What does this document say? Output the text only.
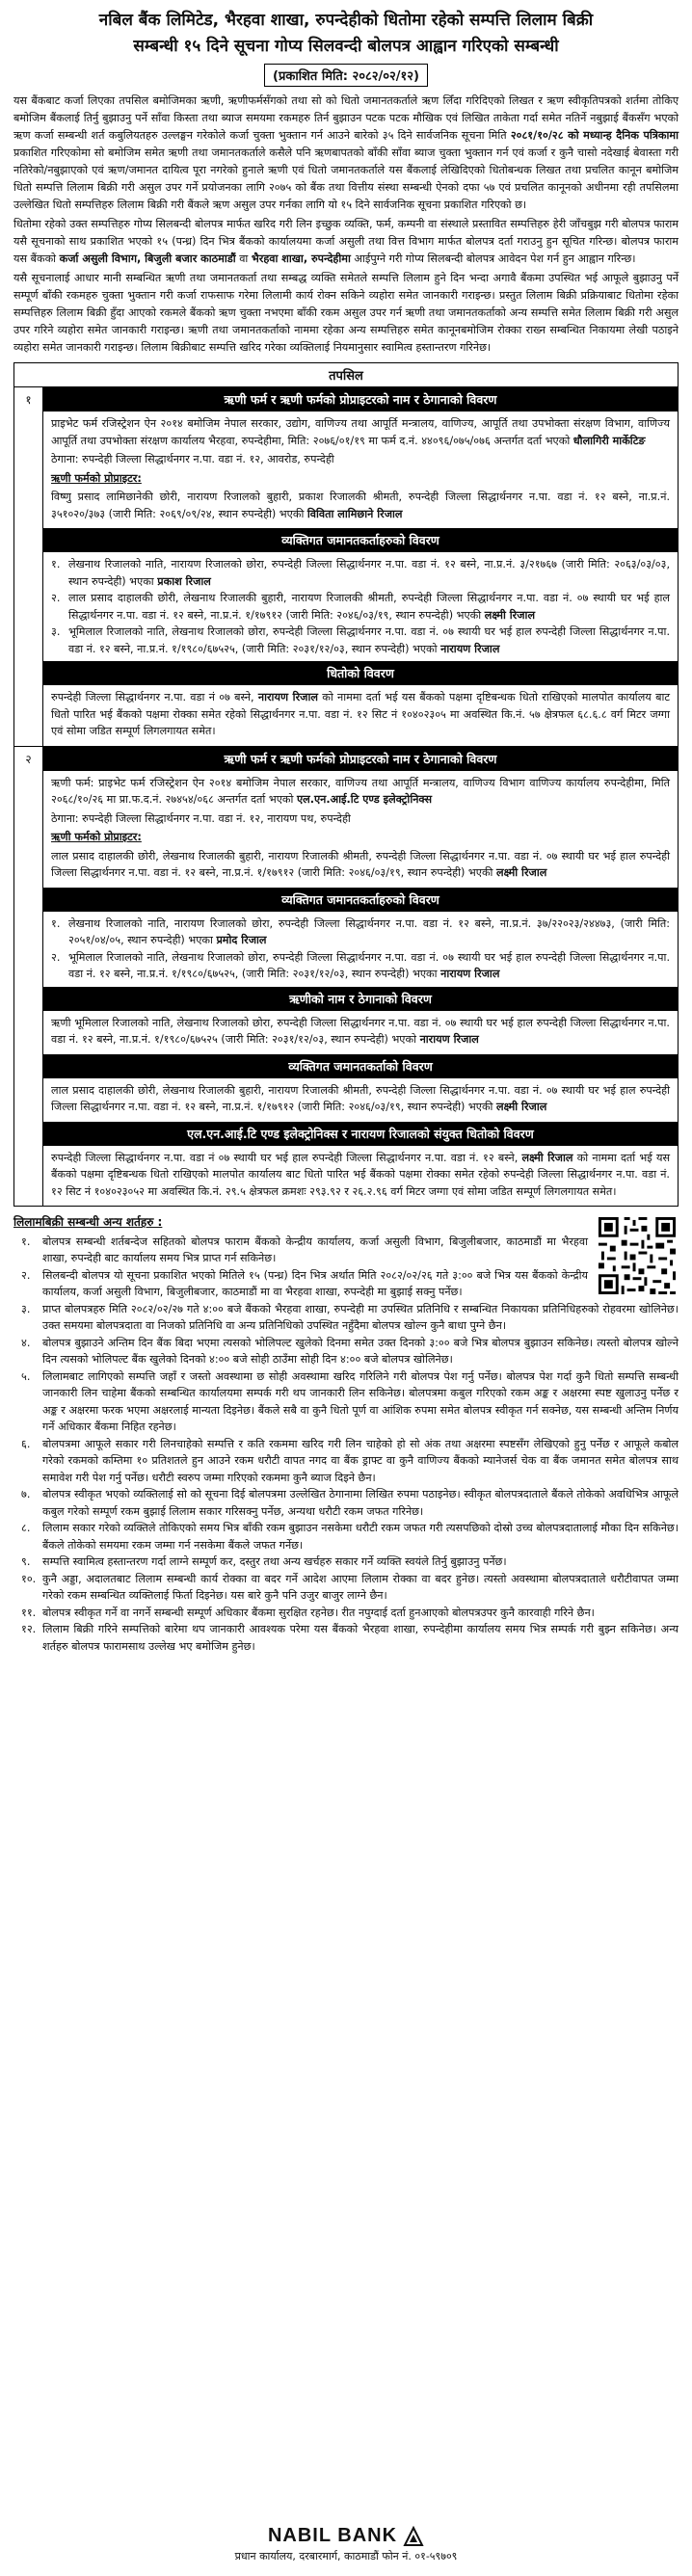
नबिल बैंक लिमिटेड, भैरहवा शाखा, रुपन्देहीको धितोमा रहेको सम्पत्ति लिलाम बिक्री
सम्बन्धी १५ दिने सूचना गोप्य सिलवन्दी बोलपत्र आह्वान गरिएको सम्बन्धी
(प्रकाशित मिति: २०८२/०२/१२)

यस बैंकबाट कर्जा लिएका तपसिल बमोजिमका ऋणी, ऋणीफर्मसँगको तथा सो को धितो जमानतकर्ताले ऋण लिँदा गरिदिएको लिखत र ऋण स्वीकृतिपत्रको शर्तमा तोकिए बमोजिम बैंकलाई तिर्नु बुझाउनु पर्ने साँवा किस्ता तथा ब्याज समयमा रकमहरु तिर्न बुझाउन पटक पटक मौखिक एवं लिखित ताकेता गर्दा समेत नतिर्ने नबुझाई बैंकसँग भएको ऋण कर्जा सम्बन्धी शर्त कबुलियतहरु उल्लङ्घन गरेकोले कर्जा चुक्ता भुक्तान गर्न आउने बारेको ३५ दिने सार्वजनिक सूचना मिति २०८१/१०/२८ को मध्यान्ह दैनिक पत्रिकामा प्रकाशित गरिएकोमा सो बमोजिम समेत ऋणी तथा जमानतकर्ताले कसैले पनि ऋणबापतको बाँकी साँवा ब्याज चुक्ता भुक्तान गर्न एवं कर्जा र कुनै चासो नदेखाई बेवास्ता गरी नतिरेको/नबुझाएको एवं ऋण/जमानत दायित्व पूरा नगरेको हुनाले ऋणी एवं धितो जमानतकर्ताले यस बैंकलाई लेखिदिएको धितोबन्धक लिखत तथा प्रचलित कानून बमोजिम धितो सम्पत्ति लिलाम बिक्री गरी असुल उपर गर्ने प्रयोजनका लागि २०७५ को बैंक तथा वित्तीय संस्था सम्बन्धी ऐनको दफा ५७ एवं प्रचलित कानूनको अधीनमा रही तपसिलमा उल्लेखित धितो सम्पत्तिहरु लिलाम बिक्री गरी बैंकले ऋण असुल उपर गर्नका लागि यो १५ दिने सार्वजनिक सूचना प्रकाशित गरिएको छ।

धितोमा रहेको उक्त सम्पत्तिहरु गोप्य सिलबन्दी बोलपत्र मार्फत खरिद गरी लिन इच्छुक व्यक्ति, फर्म, कम्पनी वा संस्थाले प्रस्तावित सम्पत्तिहरु हेरी जाँचबुझ गरी बोलपत्र फाराम यसै सूचनाको साथ प्रकाशित भएको १५ (पन्ध्र) दिन भित्र बैंकको कार्यालयमा कर्जा असुली तथा वित्त विभाग मार्फत बोलपत्र दर्ता गराउनु हुन सूचित गरिन्छ। बोलपत्र फाराम यस बैंकको कर्जा असुली विभाग, बिजुली बजार काठमाडौं वा भैरहवा शाखा, रुपन्देहीमा आईपुग्ने गरी गोप्य सिलबन्दी बोलपत्र आवेदन पेश गर्न हुन आह्वान गरिन्छ।

यसै सूचनालाई आधार मानी सम्बन्धित ऋणी तथा जमानतकर्ता तथा सम्बद्ध व्यक्ति समेतले सम्पत्ति लिलाम हुने दिन भन्दा अगावै बैंकमा उपस्थित भई आफूले बुझाउनु पर्ने सम्पूर्ण बाँकी रकमहरु चुक्ता भुक्तान गरी कर्जा राफसाफ गरेमा लिलामी कार्य रोक्न सकिने व्यहोरा समेत जानकारी गराइन्छ। प्रस्तुत लिलाम बिक्री प्रक्रियाबाट धितोमा रहेका सम्पत्तिहरु लिलाम बिक्री हुँदा आएको रकमले बैंकको ऋण चुक्ता नभएमा बाँकी रकम असुल उपर गर्न ऋणी तथा जमानतकर्ताको अन्य सम्पत्ति समेत लिलाम बिक्री गरी असुल उपर गरिने व्यहोरा समेत जानकारी गराइन्छ। ऋणी तथा जमानतकर्ताको नाममा रहेका अन्य सम्पत्तिहरु समेत कानूनबमोजिम रोक्का राख्न सम्बन्धित निकायमा लेखी पठाइने व्यहोरा समेत जानकारी गराइन्छ। लिलाम बिक्रीबाट सम्पत्ति खरिद गरेका व्यक्तिलाई नियमानुसार स्वामित्व हस्तान्तरण गरिनेछ।

तपसिल
१	ऋणी फर्म र ऋणी फर्मको प्रोप्राइटरको नाम र ठेगानाको विवरण

प्राइभेट फर्म रजिस्ट्रेशन ऐन २०१४ बमोजिम नेपाल सरकार, उद्योग, वाणिज्य तथा आपूर्ति मन्त्रालय, वाणिज्य, आपूर्ति तथा उपभोक्ता संरक्षण विभाग, वाणिज्य आपूर्ति तथा उपभोक्ता संरक्षण कार्यालय भैरहवा, रुपन्देहीमा, मिति: २०७६/०१/१९ मा फर्म द.नं. ४४०९६/०७५/०७६ अन्तर्गत दर्ता भएको धौलागिरी मार्केटिङ

ठेगाना: रुपन्देही जिल्ला सिद्धार्थनगर न.पा. वडा नं. १२, आवरोड, रुपन्देही

ऋणी फर्मको प्रोप्राइटर:

विष्णु प्रसाद लामिछानेकी छोरी, नारायण रिजालको बुहारी, प्रकाश रिजालकी श्रीमती, रुपन्देही जिल्ला सिद्धार्थनगर न.पा. वडा नं. १२ बस्ने, ना.प्र.नं. ३५१०२०/३७३ (जारी मिति: २०६९/०९/२४, स्थान रुपन्देही) भएकी विविता लामिछाने रिजाल

व्यक्तिगत जमानतकर्ताहरुको विवरण
१. लेखनाथ रिजालको नाति, नारायण रिजालको छोरा, रुपन्देही जिल्ला सिद्धार्थनगर न.पा. वडा नं. १२ बस्ने, ना.प्र.नं. ३/२१७६७ (जारी मिति: २०६३/०३/०३, स्थान रुपन्देही) भएका प्रकाश रिजाल
२. लाल प्रसाद दाहालकी छोरी, लेखनाथ रिजालकी बुहारी, नारायण रिजालकी श्रीमती, रुपन्देही जिल्ला सिद्धार्थनगर न.पा. वडा नं. ०७ स्थायी घर भई हाल सिद्धार्थनगर न.पा. वडा नं. १२ बस्ने, ना.प्र.नं. १/१७९१२ (जारी मिति: २०४६/०३/१९, स्थान रुपन्देही) भएकी लक्ष्मी रिजाल
३. भूमिलाल रिजालको नाति, लेखनाथ रिजालको छोरा, रुपन्देही जिल्ला सिद्धार्थनगर न.पा. वडा नं. ०७ स्थायी घर भई हाल रुपन्देही जिल्ला सिद्धार्थनगर न.पा. वडा नं. १२ बस्ने, ना.प्र.नं. १/१९८०/६७५२५, (जारी मिति: २०३१/१२/०३, स्थान रुपन्देही) भएको नारायण रिजाल
धितोको विवरण

रुपन्देही जिल्ला सिद्धार्थनगर न.पा. वडा नं ०७ बस्ने, नारायण रिजाल को नाममा दर्ता भई यस बैंकको पक्षमा दृष्टिबन्धक धितो राखिएको मालपोत कार्यालय बाट धितो पारित भई बैंकको पक्षमा रोक्का समेत रहेको सिद्धार्थनगर न.पा. वडा नं. १२ सिट नं १०४०२३०५ मा अवस्थित कि.नं. ५७ क्षेत्रफल ६८.६.८ वर्ग मिटर जग्गा एवं सोमा जडित सम्पूर्ण लिगलगायत समेत।

२	ऋणी फर्म र ऋणी फर्मको प्रोप्राइटरको नाम र ठेगानाको विवरण

ऋणी फर्म: प्राइभेट फर्म रजिस्ट्रेशन ऐन २०१४ बमोजिम नेपाल सरकार, वाणिज्य तथा आपूर्ति मन्त्रालय, वाणिज्य विभाग वाणिज्य कार्यालय रुपन्देहीमा, मिति २०६८/१०/२६ मा प्रा.फ.द.नं. २७४५४/०६८ अन्तर्गत दर्ता भएको एल.एन.आई.टि एण्ड इलेक्ट्रोनिक्स

ठेगाना: रुपन्देही जिल्ला सिद्धार्थनगर न.पा. वडा नं. १२, नारायण पथ, रुपन्देही

ऋणी फर्मको प्रोप्राइटर:

लाल प्रसाद दाहालकी छोरी, लेखनाथ रिजालकी बुहारी, नारायण रिजालकी श्रीमती, रुपन्देही जिल्ला सिद्धार्थनगर न.पा. वडा नं. ०७ स्थायी घर भई हाल रुपन्देही जिल्ला सिद्धार्थनगर न.पा. वडा नं. १२ बस्ने, ना.प्र.नं. १/१७९१२ (जारी मिति: २०४६/०३/१९, स्थान रुपन्देही) भएकी लक्ष्मी रिजाल

व्यक्तिगत जमानतकर्ताहरुको विवरण
१. लेखनाथ रिजालको नाति, नारायण रिजालको छोरा, रुपन्देही जिल्ला सिद्धार्थनगर न.पा. वडा नं. १२ बस्ने, ना.प्र.नं. ३७/२२०२३/२४४७३, (जारी मिति: २०५१/०४/०५, स्थान रुपन्देही) भएका प्रमोद रिजाल
२. भूमिलाल रिजालको नाति, लेखनाथ रिजालको छोरा, रुपन्देही जिल्ला सिद्धार्थनगर न.पा. वडा नं. ०७ स्थायी घर भई हाल रुपन्देही जिल्ला सिद्धार्थनगर न.पा. वडा नं. १२ बस्ने, ना.प्र.नं. १/१९८०/६७५२५, (जारी मिति: २०३१/१२/०३, स्थान रुपन्देही) भएका नारायण रिजाल
ऋणीको नाम र ठेगानाको विवरण

ऋणी भूमिलाल रिजालको नाति, लेखनाथ रिजालको छोरा, रुपन्देही जिल्ला सिद्धार्थनगर न.पा. वडा नं. ०७ स्थायी घर भई हाल रुपन्देही जिल्ला सिद्धार्थनगर न.पा. वडा नं. १२ बस्ने, ना.प्र.नं. १/१९८०/६७५२५ (जारी मिति: २०३१/१२/०३, स्थान रुपन्देही) भएको नारायण रिजाल

व्यक्तिगत जमानतकर्ताको विवरण

लाल प्रसाद दाहालकी छोरी, लेखनाथ रिजालकी बुहारी, नारायण रिजालकी श्रीमती, रुपन्देही जिल्ला सिद्धार्थनगर न.पा. वडा नं. ०७ स्थायी घर भई हाल रुपन्देही जिल्ला सिद्धार्थनगर न.पा. वडा नं. १२ बस्ने, ना.प्र.नं. १/१७९१२ (जारी मिति: २०४६/०३/१९, स्थान रुपन्देही) भएकी लक्ष्मी रिजाल

एल.एन.आई.टि एण्ड इलेक्ट्रोनिक्स र नारायण रिजालको संयुक्त धितोको विवरण

रुपन्देही जिल्ला सिद्धार्थनगर न.पा. वडा नं ०७ स्थायी घर भई हाल रुपन्देही जिल्ला सिद्धार्थनगर न.पा. वडा नं. १२ बस्ने, लक्ष्मी रिजाल को नाममा दर्ता भई यस बैंकको पक्षमा दृष्टिबन्धक धितो राखिएको मालपोत कार्यालय बाट धितो पारित भई बैंकको पक्षमा रोक्का समेत रहेको रुपन्देही जिल्ला सिद्धार्थनगर न.पा. वडा नं. १२ सिट नं १०४०२३०५२ मा अवस्थित कि.नं. २९.५ क्षेत्रफल क्रमशः २९३.९२ र २६.२.९६ वर्ग मिटर जग्गा एवं सोमा जडित सम्पूर्ण लिगलगायत समेत।

लिलामबिक्री सम्बन्धी अन्य शर्तहरु :
१.	बोलपत्र सम्बन्धी शर्तबन्देज सहितको बोलपत्र फाराम बैंकको केन्द्रीय कार्यालय, कर्जा असुली विभाग, बिजुलीबजार, काठमाडौं मा भैरहवा शाखा, रुपन्देही बाट कार्यालय समय भित्र प्राप्त गर्न सकिनेछ।
२.	सिलबन्दी बोलपत्र यो सूचना प्रकाशित भएको मितिले १५ (पन्ध्र) दिन भित्र अर्थात मिति २०८२/०२/२६ गते ३:०० बजे भित्र यस बैंकको केन्द्रीय कार्यालय, कर्जा असुली विभाग, बिजुलीबजार, काठमाडौं मा वा भैरहवा शाखा, रुपन्देही मा बुझाई सक्नु पर्नेछ।
३.	प्राप्त बोलपत्रहरु मिति २०८२/०२/२७ गते ४:०० बजे बैंकको भैरहवा शाखा, रुपन्देही मा उपस्थित प्रतिनिधि र सम्बन्धित निकायका प्रतिनिधिहरुको रोहवरमा खोलिनेछ। उक्त समयमा बोलपत्रदाता वा निजको प्रतिनिधि वा अन्य प्रतिनिधिको उपस्थित नहुँदैमा बोलपत्र खोल्न कुनै बाधा पुग्ने छैन।
४.	बोलपत्र बुझाउने अन्तिम दिन बैंक बिदा भएमा त्यसको भोलिपल्ट खुलेको दिनमा समेत उक्त दिनको ३:०० बजे भित्र बोलपत्र बुझाउन सकिनेछ। त्यस्तो बोलपत्र खोल्ने दिन त्यसको भोलिपल्ट बैंक खुलेको दिनको ४:०० बजे सोही ठाउँमा सोही दिन ४:०० बजे बोलपत्र खोलिनेछ।
५.	लिलामबाट लागिएको सम्पत्ति जहाँ र जस्तो अवस्थामा छ सोही अवस्थामा खरिद गरिलिने गरी बोलपत्र पेश गर्नु पर्नेछ। बोलपत्र पेश गर्दा कुनै धितो सम्पत्ति सम्बन्धी जानकारी लिन चाहेमा बैंकको सम्बन्धित कार्यालयमा सम्पर्क गरी थप जानकारी लिन सकिनेछ। बोलपत्रमा कबुल गरिएको रकम अङ्क र अक्षरमा स्पष्ट खुलाउनु पर्नेछ र अङ्क र अक्षरमा फरक भएमा अक्षरलाई मान्यता दिइनेछ। बैंकले सबै वा कुनै धितो पूर्ण वा आंशिक रुपमा समेत बोलपत्र स्वीकृत गर्न सक्नेछ, यस सम्बन्धी अन्तिम निर्णय गर्ने अधिकार बैंकमा निहित रहनेछ।
६.	बोलपत्रमा आफूले सकार गरी लिनचाहेको सम्पत्ति र कति रकममा खरिद गरी लिन चाहेको हो सो अंक तथा अक्षरमा स्पष्टसँग लेखिएको हुनु पर्नेछ र आफूले कबोल गरेको रकमको कम्तिमा १० प्रतिशतले हुन आउने रकम धरौटी वापत नगद वा बैंक ड्राफ्ट वा कुनै वाणिज्य बैंकको म्यानेजर्स चेक वा बैंक जमानत समेत बोलपत्र साथ समावेश गरी पेश गर्नु पर्नेछ। धरौटी स्वरुप जम्मा गरिएको रकममा कुनै ब्याज दिइने छैन।
७.	बोलपत्र स्वीकृत भएको व्यक्तिलाई सो को सूचना दिई बोलपत्रमा उल्लेखित ठेगानामा लिखित रुपमा पठाइनेछ। स्वीकृत बोलपत्रदाताले बैंकले तोकेको अवधिभित्र आफूले कबुल गरेको सम्पूर्ण रकम बुझाई लिलाम सकार गरिसक्नु पर्नेछ, अन्यथा धरौटी रकम जफत गरिनेछ।
८.	लिलाम सकार गरेको व्यक्तिले तोकिएको समय भित्र बाँकी रकम बुझाउन नसकेमा धरौटी रकम जफत गरी त्यसपछिको दोस्रो उच्च बोलपत्रदातालाई मौका दिन सकिनेछ। बैंकले तोकेको समयमा रकम जम्मा गर्न नसकेमा बैंकले जफत गर्नेछ।
९.	सम्पत्ति स्वामित्व हस्तान्तरण गर्दा लाग्ने सम्पूर्ण कर, दस्तुर तथा अन्य खर्चहरु सकार गर्ने व्यक्ति स्वयंले तिर्नु बुझाउनु पर्नेछ।
१०. कुनै अड्डा, अदालतबाट लिलाम सम्बन्धी कार्य रोक्का वा बदर गर्ने आदेश आएमा लिलाम रोक्का वा बदर हुनेछ। त्यस्तो अवस्थामा बोलपत्रदाताले धरौटीवापत जम्मा गरेको रकम सम्बन्धित व्यक्तिलाई फिर्ता दिइनेछ। यस बारे कुनै पनि उजुर बाजुर लाग्ने छैन।
११. बोलपत्र स्वीकृत गर्ने वा नगर्ने सम्बन्धी सम्पूर्ण अधिकार बैंकमा सुरक्षित रहनेछ। रीत नपुग्दाई दर्ता हुनआएको बोलपत्रउपर कुनै कारवाही गरिने छैन।
१२. लिलाम बिक्री गरिने सम्पत्तिको बारेमा थप जानकारी आवश्यक परेमा यस बैंकको भैरहवा शाखा, रुपन्देहीमा कार्यालय समय भित्र सम्पर्क गरी बुझ्न सकिनेछ। अन्य शर्तहरु बोलपत्र फारामसाथ उल्लेख भए बमोजिम हुनेछ।
NABIL BANK
प्रधान कार्यालय, दरबारमार्ग, काठमाडौं फोन नं. ०१-५९७०९
